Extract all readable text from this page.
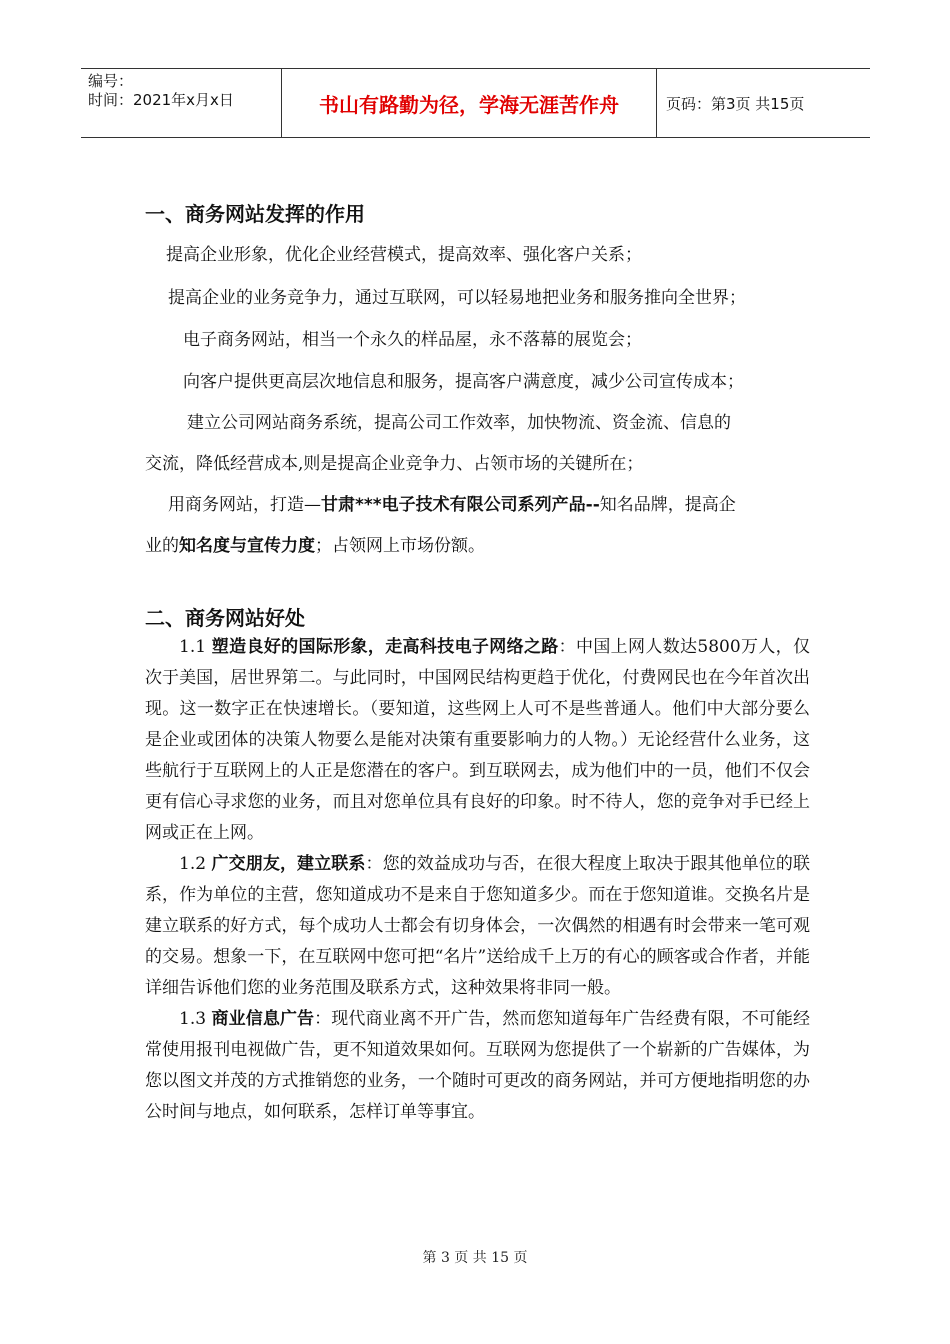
编号：
时间：2021年x月x日	书山有路勤为径，学海无涯苦作舟	页码：第3页 共15页
一、商务网站发挥的作用

提高企业形象，优化企业经营模式，提高效率、强化客户关系；

提高企业的业务竞争力，通过互联网，可以轻易地把业务和服务推向全世界；

电子商务网站，相当一个永久的样品屋，永不落幕的展览会；

向客户提供更高层次地信息和服务，提高客户满意度，减少公司宣传成本；

建立公司网站商务系统，提高公司工作效率，加快物流、资金流、信息的

交流，降低经营成本,则是提高企业竞争力、占领市场的关键所在；

用商务网站，打造—甘肃***电子技术有限公司系列产品--知名品牌，提高企

业的知名度与宣传力度；占领网上市场份额。

二、商务网站好处

1.1 塑造良好的国际形象，走高科技电子网络之路：中国上网人数达5800万人，仅次于美国，居世界第二。与此同时，中国网民结构更趋于优化，付费网民也在今年首次出现。这一数字正在快速增长。（要知道，这些网上人可不是些普通人。他们中大部分要么是企业或团体的决策人物要么是能对决策有重要影响力的人物。）无论经营什么业务，这些航行于互联网上的人正是您潜在的客户。到互联网去，成为他们中的一员，他们不仅会更有信心寻求您的业务，而且对您单位具有良好的印象。时不待人，您的竞争对手已经上网或正在上网。

1.2 广交朋友，建立联系：您的效益成功与否，在很大程度上取决于跟其他单位的联系，作为单位的主营，您知道成功不是来自于您知道多少。而在于您知道谁。交换名片是建立联系的好方式，每个成功人士都会有切身体会，一次偶然的相遇有时会带来一笔可观的交易。想象一下，在互联网中您可把“名片”送给成千上万的有心的顾客或合作者，并能详细告诉他们您的业务范围及联系方式，这种效果将非同一般。

1.3 商业信息广告：现代商业离不开广告，然而您知道每年广告经费有限，不可能经常使用报刊电视做广告，更不知道效果如何。互联网为您提供了一个崭新的广告媒体，为您以图文并茂的方式推销您的业务，一个随时可更改的商务网站，并可方便地指明您的办公时间与地点，如何联系，怎样订单等事宜。

第 3 页 共 15 页
